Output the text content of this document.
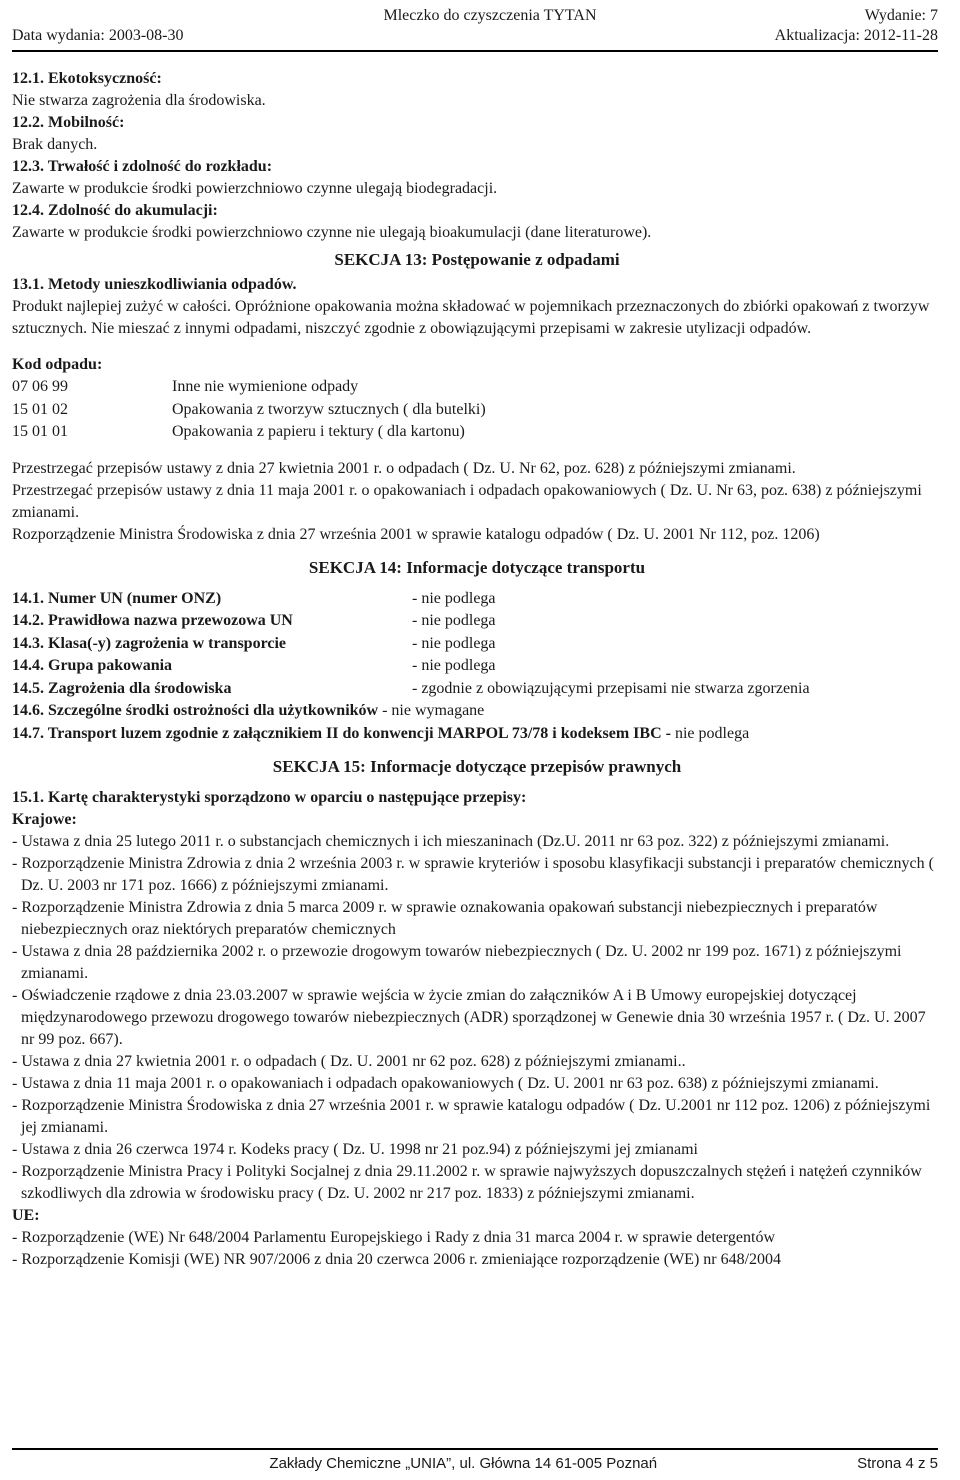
Mleczko do czyszczenia TYTAN	Wydanie: 7
Data wydania: 2003-08-30	Aktualizacja: 2012-11-28
12.1. Ekotoksyczność:
Nie stwarza zagrożenia dla środowiska.
12.2. Mobilność:
Brak danych.
12.3. Trwałość i zdolność do rozkładu:
Zawarte w produkcie środki powierzchniowo czynne ulegają biodegradacji.
12.4. Zdolność do akumulacji:
Zawarte w produkcie środki powierzchniowo czynne nie ulegają bioakumulacji (dane literaturowe).
SEKCJA 13: Postępowanie z odpadami
13.1. Metody unieszkodliwiania odpadów.
Produkt najlepiej zużyć w całości. Opróżnione opakowania można składować w pojemnikach przeznaczonych do zbiórki opakowań z tworzyw sztucznych. Nie mieszać z innymi odpadami, niszczyć zgodnie z obowiązującymi przepisami w zakresie utylizacji odpadów.
Kod odpadu:
07 06 99	Inne nie wymienione odpady
15 01 02	Opakowania z tworzyw sztucznych ( dla butelki)
15 01 01	Opakowania z papieru i tektury ( dla kartonu)
Przestrzegać przepisów ustawy z dnia 27 kwietnia 2001 r. o odpadach ( Dz. U. Nr 62, poz. 628) z późniejszymi zmianami.
Przestrzegać przepisów ustawy z dnia 11 maja 2001 r. o opakowaniach i odpadach opakowaniowych ( Dz. U. Nr 63, poz. 638) z późniejszymi zmianami.
Rozporządzenie Ministra Środowiska z dnia 27 września 2001 w sprawie katalogu odpadów ( Dz. U. 2001 Nr 112, poz. 1206)
SEKCJA 14: Informacje dotyczące transportu
14.1. Numer UN (numer ONZ)	- nie podlega
14.2. Prawidłowa nazwa przewozowa UN	- nie podlega
14.3. Klasa(-y) zagrożenia w transporcie	- nie podlega
14.4. Grupa pakowania	- nie podlega
14.5. Zagrożenia dla środowiska	- zgodnie z obowiązującymi przepisami nie stwarza zgorzenia
14.6. Szczególne środki ostrożności dla użytkowników - nie wymagane
14.7. Transport luzem zgodnie z załącznikiem II do konwencji MARPOL 73/78 i kodeksem IBC - nie podlega
SEKCJA 15: Informacje dotyczące przepisów prawnych
15.1. Kartę charakterystyki sporządzono w oparciu o następujące przepisy:
Krajowe:
- Ustawa z dnia 25 lutego 2011 r. o substancjach chemicznych i ich mieszaninach (Dz.U. 2011 nr 63 poz. 322) z późniejszymi zmianami.
- Rozporządzenie Ministra Zdrowia z dnia 2 września 2003 r. w sprawie kryteriów i sposobu klasyfikacji substancji i preparatów chemicznych ( Dz. U. 2003 nr 171 poz. 1666) z późniejszymi zmianami.
- Rozporządzenie Ministra Zdrowia z dnia 5 marca 2009 r. w sprawie oznakowania opakowań substancji niebezpiecznych i preparatów niebezpiecznych oraz niektórych preparatów chemicznych
- Ustawa z dnia 28 października 2002 r. o przewozie drogowym towarów niebezpiecznych ( Dz. U. 2002 nr 199 poz. 1671) z późniejszymi zmianami.
- Oświadczenie rządowe z dnia 23.03.2007 w sprawie wejścia w życie zmian do załączników A i B Umowy europejskiej dotyczącej międzynarodowego przewozu drogowego towarów niebezpiecznych (ADR) sporządzonej w Genewie dnia 30 września 1957 r. ( Dz. U. 2007 nr 99 poz. 667).
- Ustawa z dnia 27 kwietnia 2001 r. o odpadach ( Dz. U. 2001 nr 62 poz. 628) z późniejszymi zmianami..
- Ustawa z dnia 11 maja 2001 r. o opakowaniach i odpadach opakowaniowych ( Dz. U. 2001 nr 63 poz. 638) z późniejszymi zmianami.
- Rozporządzenie Ministra Środowiska z dnia 27 września 2001 r. w sprawie katalogu odpadów ( Dz. U.2001 nr 112 poz. 1206) z późniejszymi jej zmianami.
- Ustawa z dnia 26 czerwca 1974 r. Kodeks pracy ( Dz. U. 1998 nr 21 poz.94) z późniejszymi jej zmianami
- Rozporządzenie Ministra Pracy i Polityki Socjalnej z dnia 29.11.2002 r. w sprawie najwyższych dopuszczalnych stężeń i natężeń czynników szkodliwych dla zdrowia w środowisku pracy ( Dz. U. 2002 nr 217 poz. 1833) z późniejszymi zmianami.
UE:
- Rozporządzenie (WE) Nr 648/2004 Parlamentu Europejskiego i Rady z dnia 31 marca 2004 r. w sprawie detergentów
- Rozporządzenie Komisji (WE) NR 907/2006 z dnia 20 czerwca 2006 r. zmieniające rozporządzenie (WE) nr 648/2004
Zakłady Chemiczne „UNIA”, ul. Główna 14 61-005 Poznań	Strona 4 z 5
